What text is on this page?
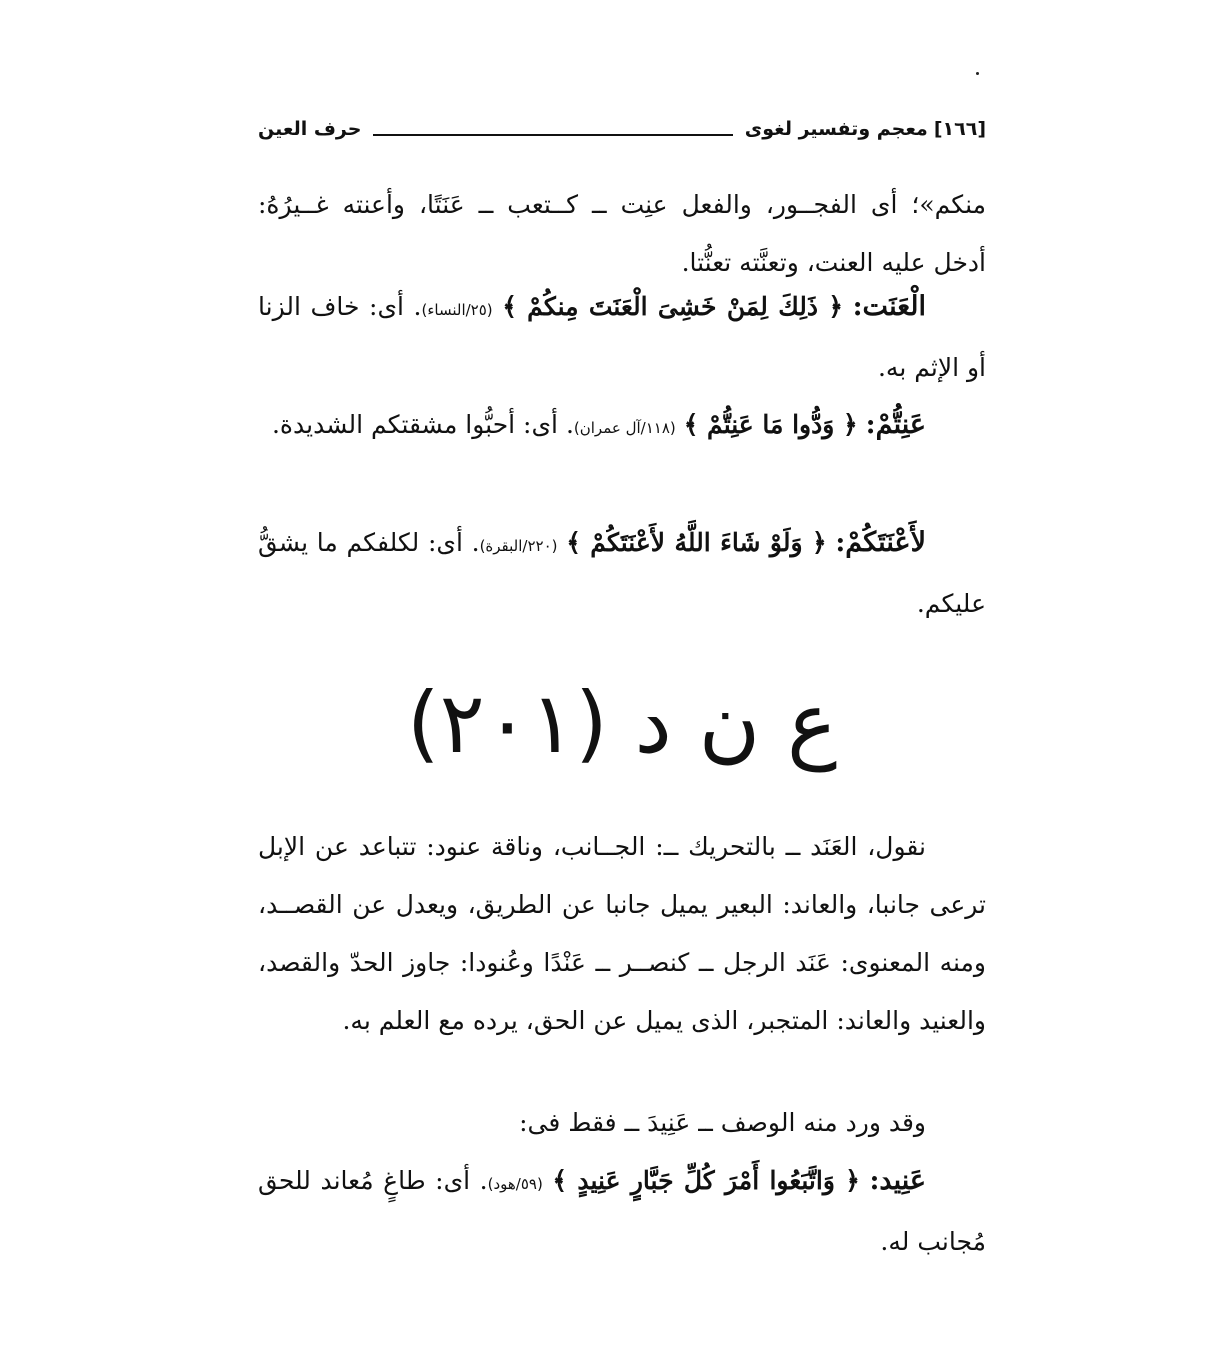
[١٦٦]
معجم وتفسير لغوى
حرف العين

منكم»؛ أى الفجــور، والفعل عنِت ــ كــتعب ــ عَنَتًا، وأعنته غــيرُهُ: أدخل عليه العنت، وتعنَّته تعنُّتا.

الْعَنَت: ﴿ ذَلِكَ لِمَنْ خَشِىَ الْعَنَتَ مِنكُمْ ﴾ (٢٥/النساء). أى: خاف الزنا أو الإثم به.

عَنِتُّمْ: ﴿ وَدُّوا مَا عَنِتُّمْ ﴾ (١١٨/آل عمران). أى: أحبُّوا مشقتكم الشديدة.

لأَعْنَتَكُمْ: ﴿ وَلَوْ شَاءَ اللَّهُ لأَعْنَتَكُمْ ﴾ (٢٢٠/البقرة). أى: لكلفكم ما يشقُّ عليكم.

ع ن د (٢٠١)

نقول، العَنَد ــ بالتحريك ــ: الجــانب، وناقة عنود: تتباعد عن الإبل ترعى جانبا، والعاند: البعير يميل جانبا عن الطريق، ويعدل عن القصــد، ومنه المعنوى: عَنَد الرجل ــ كنصــر ــ عَنْدًا وعُنودا: جاوز الحدّ والقصد، والعنيد والعاند: المتجبر، الذى يميل عن الحق، يرده مع العلم به.

وقد ورد منه الوصف ــ عَنِيدَ ــ فقط فى:

عَنِيد: ﴿ وَاتَّبَعُوا أَمْرَ كُلِّ جَبَّارٍ عَنِيدٍ ﴾ (٥٩/هود). أى: طاغٍ مُعاند للحق مُجانب له.
